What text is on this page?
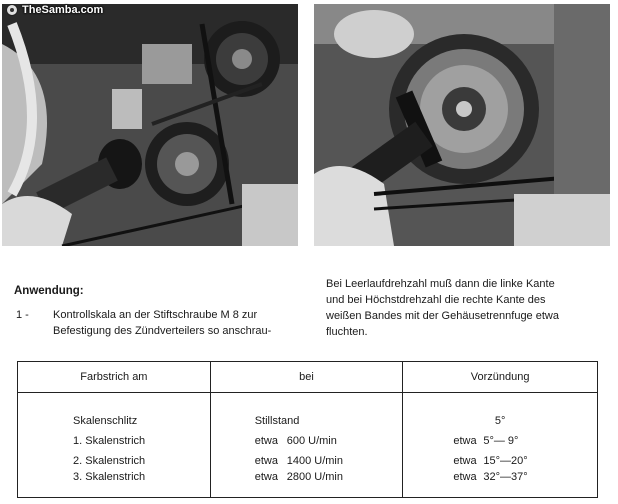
TheSamba.com
Anwendung:
1 -	Kontrollskala an der Stiftschraube M 8 zur
Befestigung des Zündverteilers so anschrau-

Bei Leerlaufdrehzahl muß dann die linke Kante
und bei Höchstdrehzahl die rechte Kante des
weißen Bandes mit der Gehäusetrennfuge etwa
fluchten.

Farbstrich am	bei	Vorzündung

Skalenschlitz	Stillstand	5°

1. Skalenstrich	etwa 600 U/min	etwa 5°— 9°

2. Skalenstrich	etwa 1400 U/min	etwa 15°—20°

3. Skalenstrich	etwa 2800 U/min	etwa 32°—37°
